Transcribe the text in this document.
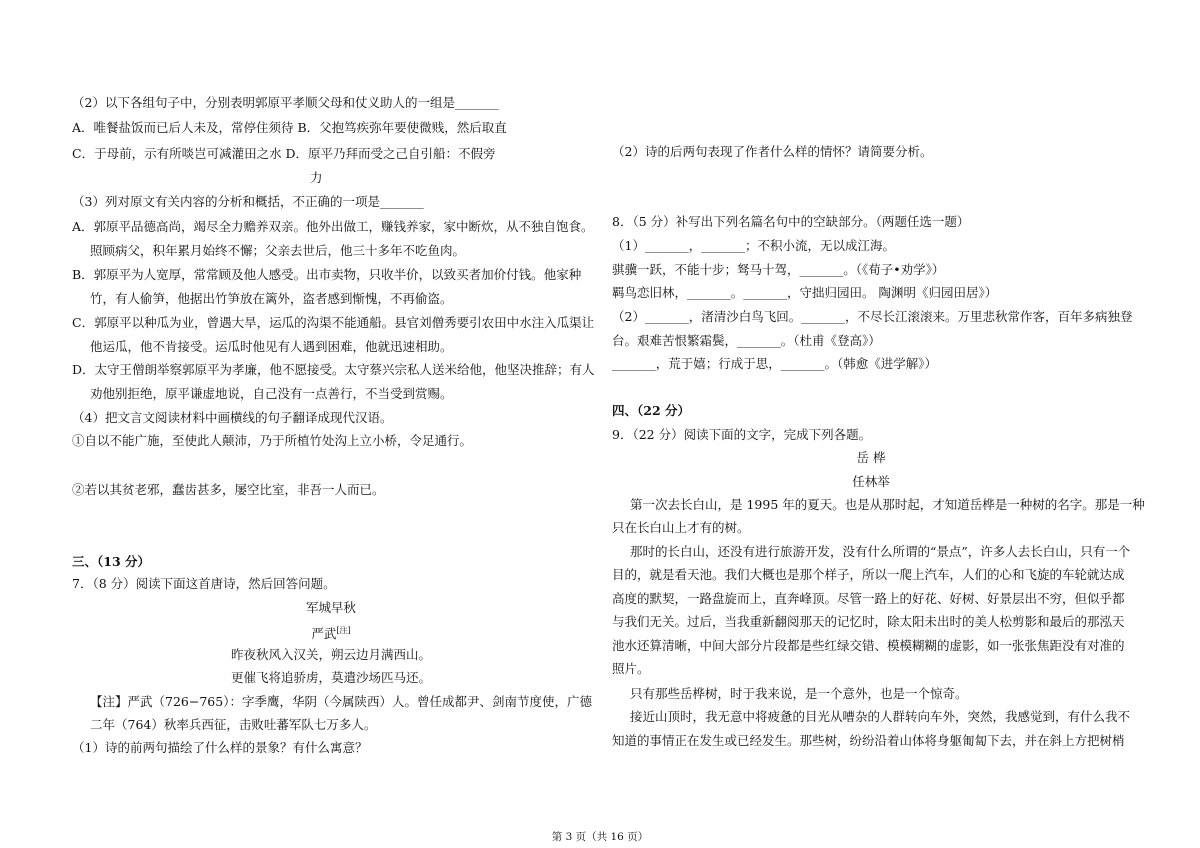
（2）以下各组句子中，分别表明郭原平孝顺父母和仗义助人的一组是_______
A．唯餐盐饭而已后人未及，常停住须待 B．父抱笃疾弥年要使微贱，然后取直
C．于母前，示有所啖岂可减灌田之水 D．原平乃拜而受之己自引船：不假旁
力
（3）列对原文有关内容的分析和概括，不正确的一项是_______
A．郭原平品德高尚，竭尽全力赡养双亲。他外出做工，赚钱养家，家中断炊，从不独自饱食。
照顾病父，积年累月始终不懈；父亲去世后，他三十多年不吃鱼肉。
B．郭原平为人宽厚，常常顾及他人感受。出市卖物，只收半价，以致买者加价付钱。他家种
竹，有人偷笋，他据出竹笋放在篱外，盗者感到惭愧，不再偷盗。
C．郭原平以种瓜为业，曾遇大旱，运瓜的沟渠不能通船。县官刘僧秀要引农田中水注入瓜渠让
他运瓜，他不肯接受。运瓜时他见有人遇到困难，他就迅速相助。
D．太守王僧朗举察郭原平为孝廉，他不愿接受。太守蔡兴宗私人送米给他，他坚决推辞；有人
劝他别拒绝，原平谦虚地说，自己没有一点善行，不当受到赏赐。
（4）把文言文阅读材料中画横线的句子翻译成现代汉语。
①自以不能广施，至使此人颠沛，乃于所植竹处沟上立小桥，令足通行。
②若以其贫老邪，蠢齿甚多，屡空比室，非吾一人而已。
三、（13 分）
7．（8 分）阅读下面这首唐诗，然后回答问题。
军城早秋
严武[注]
昨夜秋风入汉关，朔云边月满西山。
更催飞将追骄虏，莫遣沙场匹马还。
【注】严武（726−765）：字季鹰，华阴（今属陕西）人。曾任成都尹、剑南节度使，广德
二年（764）秋率兵西征，击败吐蕃军队七万多人。
（1）诗的前两句描绘了什么样的景象？有什么寓意？
（2）诗的后两句表现了作者什么样的情怀？请简要分析。
8．（5 分）补写出下列名篇名句中的空缺部分。（两题任选一题）
（1）_______，_______；不积小流，无以成江海。
骐骥一跃，不能十步；驽马十驾，_______。（《荀子•劝学》）
羁鸟恋旧林，_______。_______，守拙归园田。 陶渊明《归园田居》）
（2）_______，渚清沙白鸟飞回。_______，不尽长江滚滚来。万里悲秋常作客，百年多病独登
台。艰难苦恨繁霜鬓，_______。（杜甫《登高》）
_______，荒于嬉；行成于思，_______。（韩愈《进学解》）
四、（22 分）
9．（22 分）阅读下面的文字，完成下列各题。
岳 桦
任林举
第一次去长白山，是 1995 年的夏天。也是从那时起，才知道岳桦是一种树的名字。那是一种
只在长白山上才有的树。
那时的长白山，还没有进行旅游开发，没有什么所谓的“景点”，许多人去长白山，只有一个
目的，就是看天池。我们大概也是那个样子，所以一爬上汽车，人们的心和飞旋的车轮就达成
高度的默契，一路盘旋而上，直奔峰顶。尽管一路上的好花、好树、好景层出不穷，但似乎都
与我们无关。过后，当我重新翻阅那天的记忆时，除太阳未出时的美人松剪影和最后的那泓天
池水还算清晰，中间大部分片段都是些红绿交错、模模糊糊的虚影，如一张张焦距没有对准的
照片。
只有那些岳桦树，时于我来说，是一个意外，也是一个惊奇。
接近山顶时，我无意中将疲惫的目光从嘈杂的人群转向车外，突然，我感觉到，有什么我不
知道的事情正在发生或已经发生。那些树，纷纷沿着山体将身躯匍匐下去，并在斜上方把树梢
第 3 页（共 16 页）
